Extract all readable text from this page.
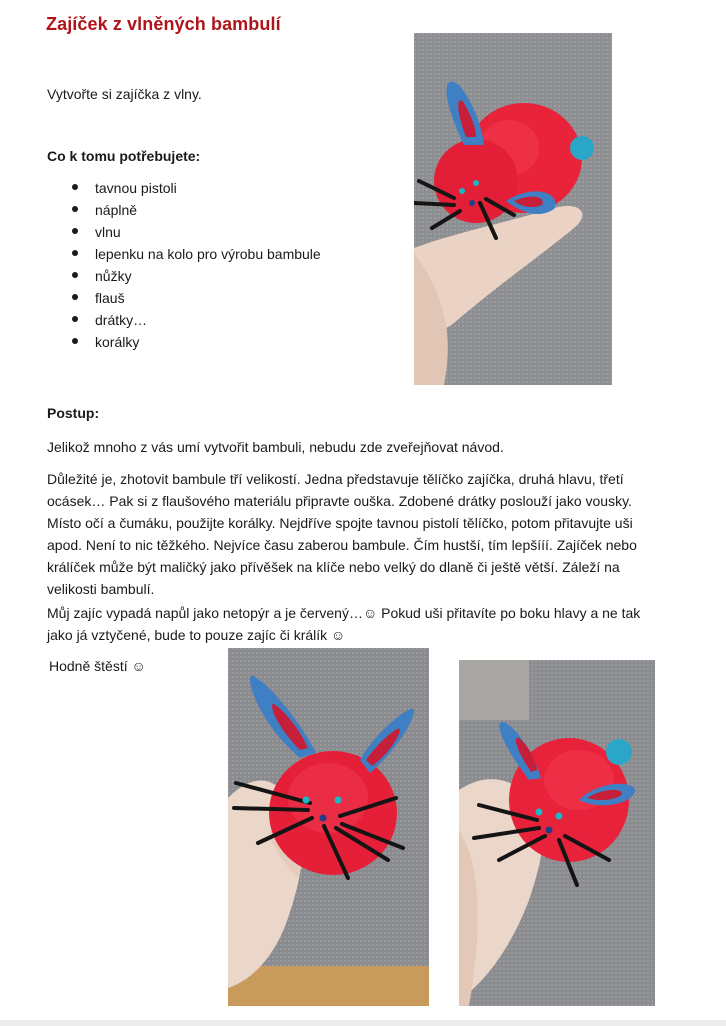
Zajíček z vlněných bambulí

Vytvořte si zajíčka z vlny.

Co k tomu potřebujete:

tavnou pistoli
náplně
vlnu
lepenku na kolo pro výrobu bambule
nůžky
flauš
drátky…
korálky

Postup:

Jelikož mnoho z vás umí vytvořit bambuli, nebudu zde zveřejňovat návod.

Důležité je, zhotovit bambule tří velikostí. Jedna představuje tělíčko zajíčka, druhá hlavu, třetí ocásek… Pak si z flaušového materiálu připravte ouška. Zdobené drátky poslouží jako vousky. Místo očí a čumáku, použijte korálky. Nejdříve spojte tavnou pistolí tělíčko, potom přitavujte uši apod. Není to nic těžkého. Nejvíce času zaberou bambule. Čím hustší, tím lepšííí. Zajíček nebo králíček může být maličký jako přívěšek na klíče nebo velký do dlaně či ještě větší. Záleží na velikosti bambulí.

Můj zajíc vypadá napůl jako netopýr a je červený…☺ Pokud uši přitavíte po boku hlavy a ne tak jako já vztyčené, bude to pouze zajíc či králík ☺

Hodně štěstí ☺
